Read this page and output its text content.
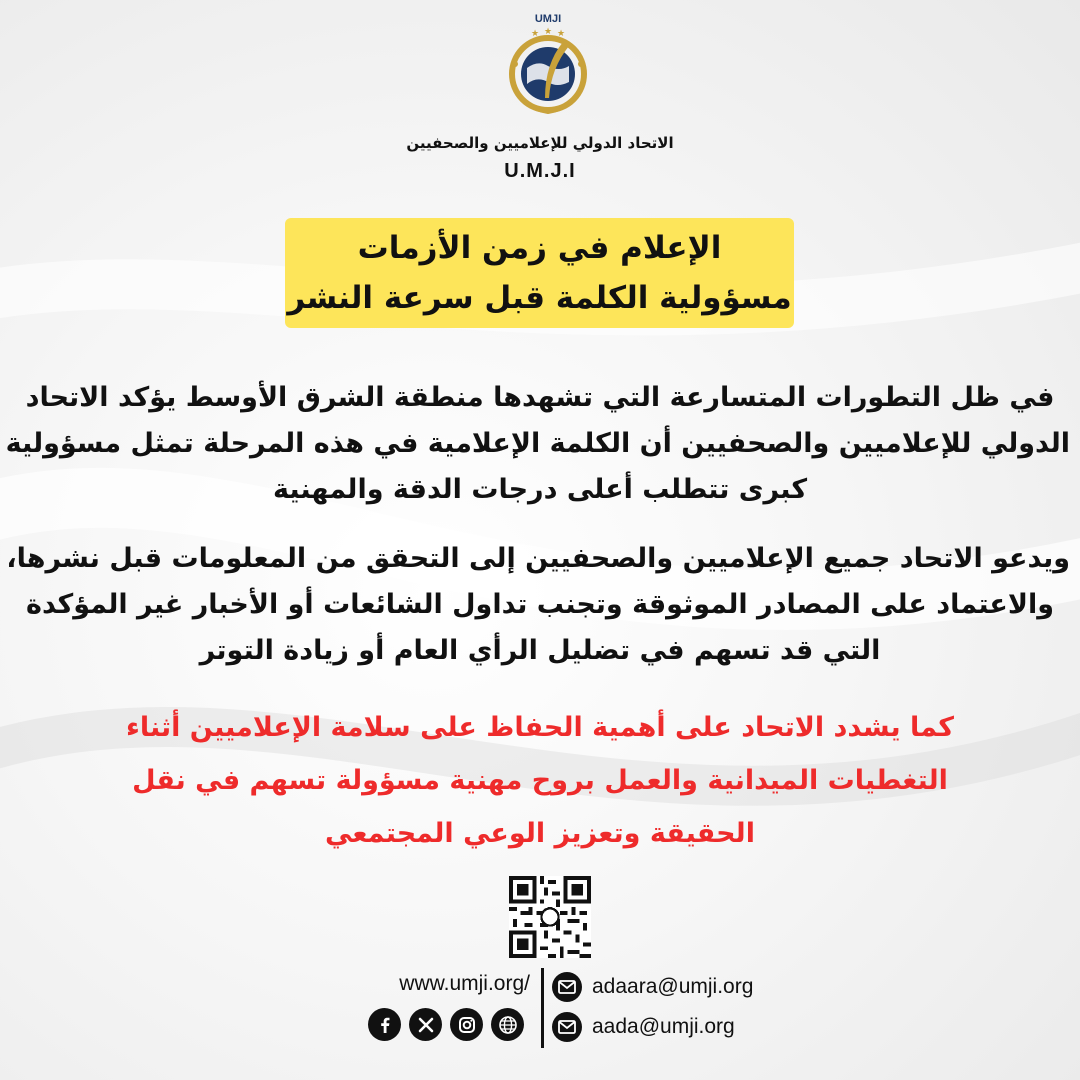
UMJI
★ ★ ★
الاتحاد الدولي للإعلاميين والصحفيين
U.M.J.I
الإعلام في زمن الأزمات
مسؤولية الكلمة قبل سرعة النشر
في ظل التطورات المتسارعة التي تشهدها منطقة الشرق الأوسط يؤكد الاتحاد
الدولي للإعلاميين والصحفيين أن الكلمة الإعلامية في هذه المرحلة تمثل مسؤولية
كبرى تتطلب أعلى درجات الدقة والمهنية
ويدعو الاتحاد جميع الإعلاميين والصحفيين إلى التحقق من المعلومات قبل نشرها،
والاعتماد على المصادر الموثوقة وتجنب تداول الشائعات أو الأخبار غير المؤكدة
التي قد تسهم في تضليل الرأي العام أو زيادة التوتر
كما يشدد الاتحاد على أهمية الحفاظ على سلامة الإعلاميين أثناء
التغطيات الميدانية والعمل بروح مهنية مسؤولة تسهم في نقل
الحقيقة وتعزيز الوعي المجتمعي
www.umji.org/	adaara@umji.org
aada@umji.org
